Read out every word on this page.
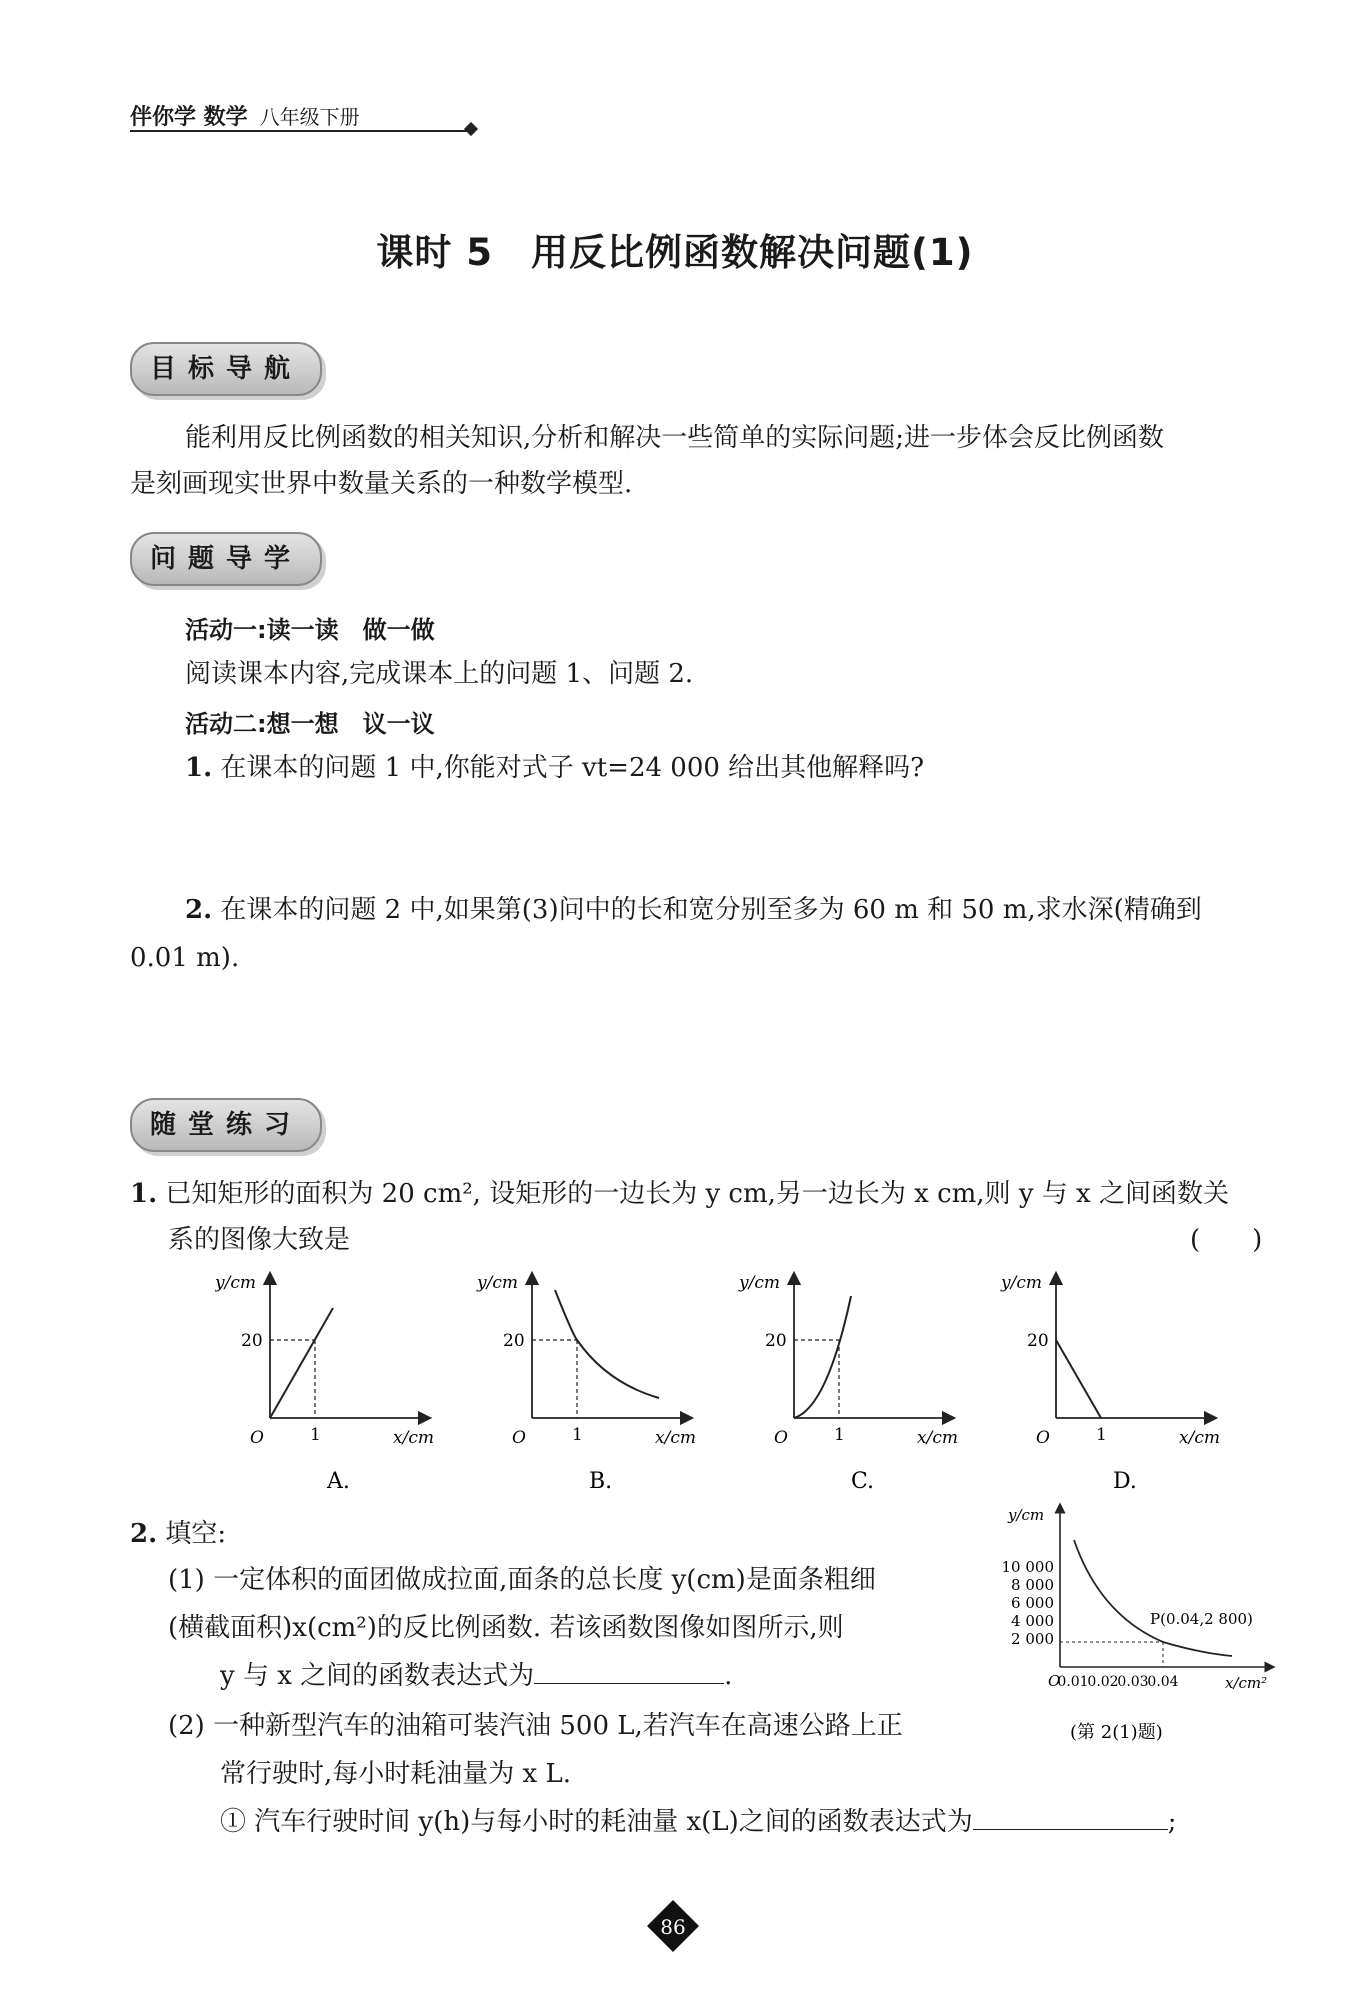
伴你学 数学 八年级下册
课时 5　用反比例函数解决问题(1)
目标导航
能利用反比例函数的相关知识,分析和解决一些简单的实际问题;进一步体会反比例函数
是刻画现实世界中数量关系的一种数学模型.
问题导学
活动一:读一读　做一做
阅读课本内容,完成课本上的问题 1、问题 2.
活动二:想一想　议一议
1. 在课本的问题 1 中,你能对式子 vt=24 000 给出其他解释吗?
2. 在课本的问题 2 中,如果第(3)问中的长和宽分别至多为 60 m 和 50 m,求水深(精确到
0.01 m).
随堂练习
1. 已知矩形的面积为 20 cm², 设矩形的一边长为 y cm,另一边长为 x cm,则 y 与 x 之间函数关
系的图像大致是	(　　)
y/cm
x/cm
O
20
1
A.
y/cm
x/cm
O
20
1
B.
y/cm
x/cm
O
20
1
C.
y/cm
x/cm
O
20
1
D.
2. 填空:
(1) 一定体积的面团做成拉面,面条的总长度 y(cm)是面条粗细
(横截面积)x(cm²)的反比例函数. 若该函数图像如图所示,则
y 与 x 之间的函数表达式为	.
(2) 一种新型汽车的油箱可装汽油 500 L,若汽车在高速公路上正
常行驶时,每小时耗油量为 x L.
① 汽车行驶时间 y(h)与每小时的耗油量 x(L)之间的函数表达式为	;
y/cm
x/cm²
O
10 000
8 000
6 000
4 000
2 000
0.01
0.02
0.03
0.04
P(0.04,2 800)
(第 2(1)题)
86
